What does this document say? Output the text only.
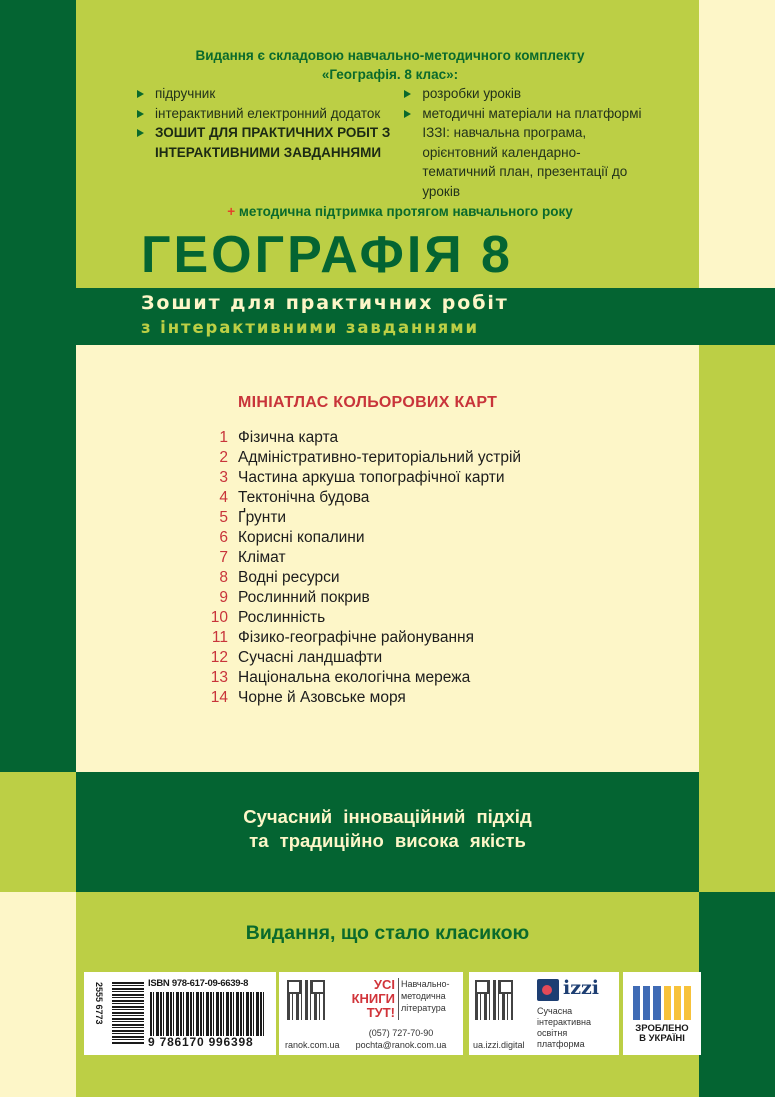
Видання є складовою навчально-методичного комплекту
«Географія. 8 клас»:
підручник
інтерактивний електронний додаток
ЗОШИТ ДЛЯ ПРАКТИЧНИХ РОБІТ З ІНТЕРАКТИВНИМИ ЗАВДАННЯМИ
розробки уроків
методичні матеріали на платформі ІЗЗІ: навчальна програма, орієнтовний календарно-тематичний план, презентації до уроків
+ методична підтримка протягом навчального року
ГЕОГРАФІЯ 8
Зошит для практичних робіт
з інтерактивними завданнями
МІНІАТЛАС КОЛЬОРОВИХ КАРТ
1 Фізична карта
2 Адміністративно-територіальний устрій
3 Частина аркуша топографічної карти
4 Тектонічна будова
5 Ґрунти
6 Корисні копалини
7 Клімат
8 Водні ресурси
9 Рослинний покрив
10 Рослинність
11 Фізико-географічне районування
12 Сучасні ландшафти
13 Національна екологічна мережа
14 Чорне й Азовське моря
Сучасний інноваційний підхід
та традиційно висока якість
Видання, що стало класикою
2555 6773	ISBN 978-617-09-6639-8
9 786170 996398	ranok.com.ua
УСІ
КНИГИ
ТУТ!
Навчально-методична література
(057) 727-70-90
pochta@ranok.com.ua	ua.izzi.digital
izzi
Сучасна інтерактивна освітня платформа
ЗРОБЛЕНО
В УКРАЇНІ
